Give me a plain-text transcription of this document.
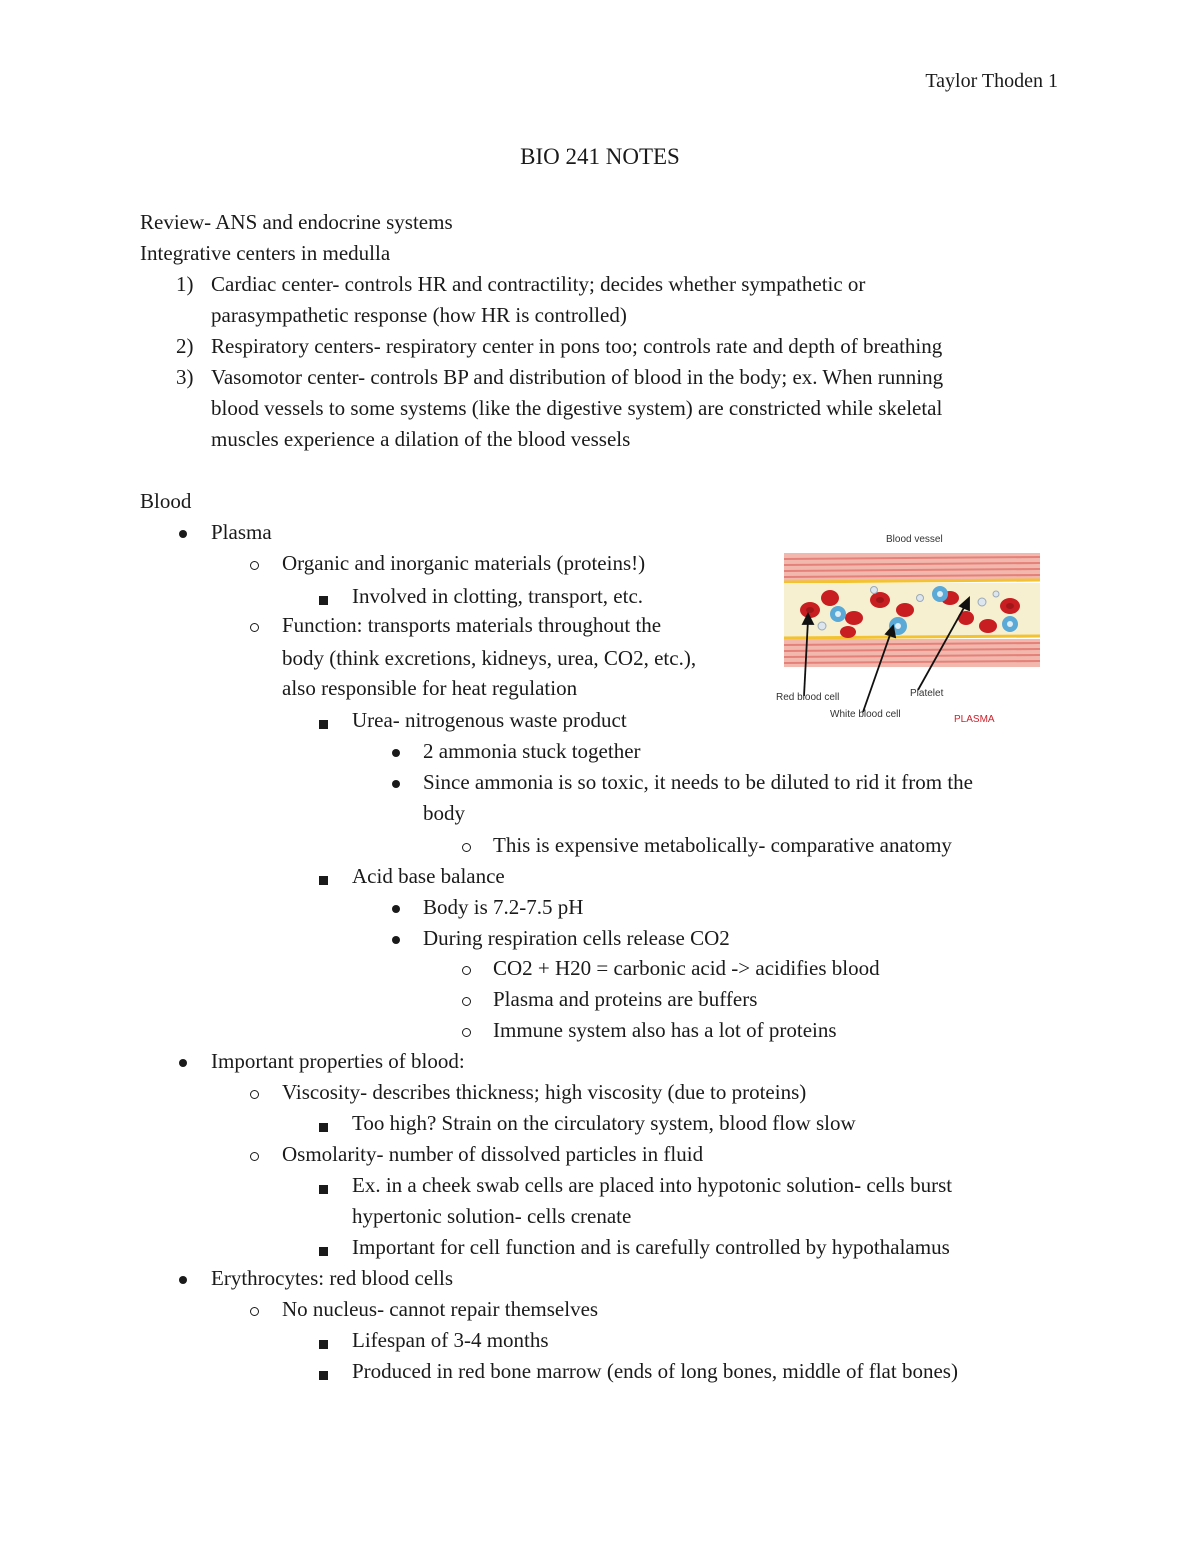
Taylor Thoden 1
BIO 241 NOTES
Review- ANS and endocrine systems
Integrative centers in medulla
1) Cardiac center- controls HR and contractility; decides whether sympathetic or
parasympathetic response (how HR is controlled)
2) Respiratory centers- respiratory center in pons too; controls rate and depth of breathing
3) Vasomotor center- controls BP and distribution of blood in the body; ex. When running
blood vessels to some systems (like the digestive system) are constricted while skeletal
muscles experience a dilation of the blood vessels
Blood
Plasma
Organic and inorganic materials (proteins!)
Involved in clotting, transport, etc.
Function: transports materials throughout the
body (think excretions, kidneys, urea, CO2, etc.),
also responsible for heat regulation
Urea- nitrogenous waste product
2 ammonia stuck together
Since ammonia is so toxic, it needs to be diluted to rid it from the
body
This is expensive metabolically- comparative anatomy
Acid base balance
Body is 7.2-7.5 pH
During respiration cells release CO2
CO2 + H20 = carbonic acid -> acidifies blood
Plasma and proteins are buffers
Immune system also has a lot of proteins
Important properties of blood:
Viscosity- describes thickness; high viscosity (due to proteins)
Too high? Strain on the circulatory system, blood flow slow
Osmolarity- number of dissolved particles in fluid
Ex. in a cheek swab cells are placed into hypotonic solution- cells burst
hypertonic solution- cells crenate
Important for cell function and is carefully controlled by hypothalamus
Erythrocytes: red blood cells
No nucleus- cannot repair themselves
Lifespan of 3-4 months
Produced in red bone marrow (ends of long bones, middle of flat bones)
Blood vessel
Red blood cell
White blood cell
Platelet
PLASMA
